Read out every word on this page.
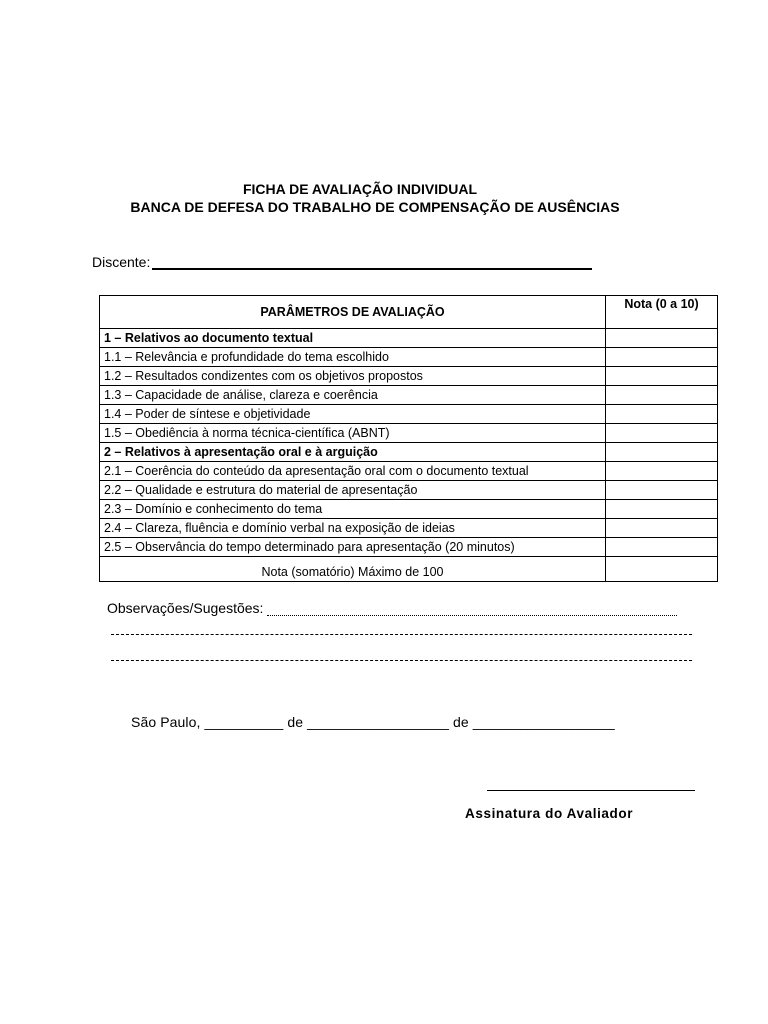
FICHA DE AVALIAÇÃO INDIVIDUAL
BANCA DE DEFESA DO TRABALHO DE COMPENSAÇÃO DE AUSÊNCIAS
Discente:
PARÂMETROS DE AVALIAÇÃO	Nota (0 a 10)
1 – Relativos ao documento textual	
1.1 – Relevância e profundidade do tema escolhido	
1.2 – Resultados condizentes com os objetivos propostos	
1.3 – Capacidade de análise, clareza e coerência	
1.4 – Poder de síntese e objetividade	
1.5 – Obediência à norma técnica-científica (ABNT)	
2 – Relativos à apresentação oral e à arguição	
2.1 – Coerência do conteúdo da apresentação oral com o documento textual	
2.2 – Qualidade e estrutura do material de apresentação	
2.3 – Domínio e conhecimento do tema	
2.4 – Clareza, fluência e domínio verbal na exposição de ideias	
2.5 – Observância do tempo determinado para apresentação (20 minutos)	
Nota (somatório) Máximo de 100	
Observações/Sugestões:
São Paulo, __________ de __________________ de __________________
Assinatura do Avaliador
